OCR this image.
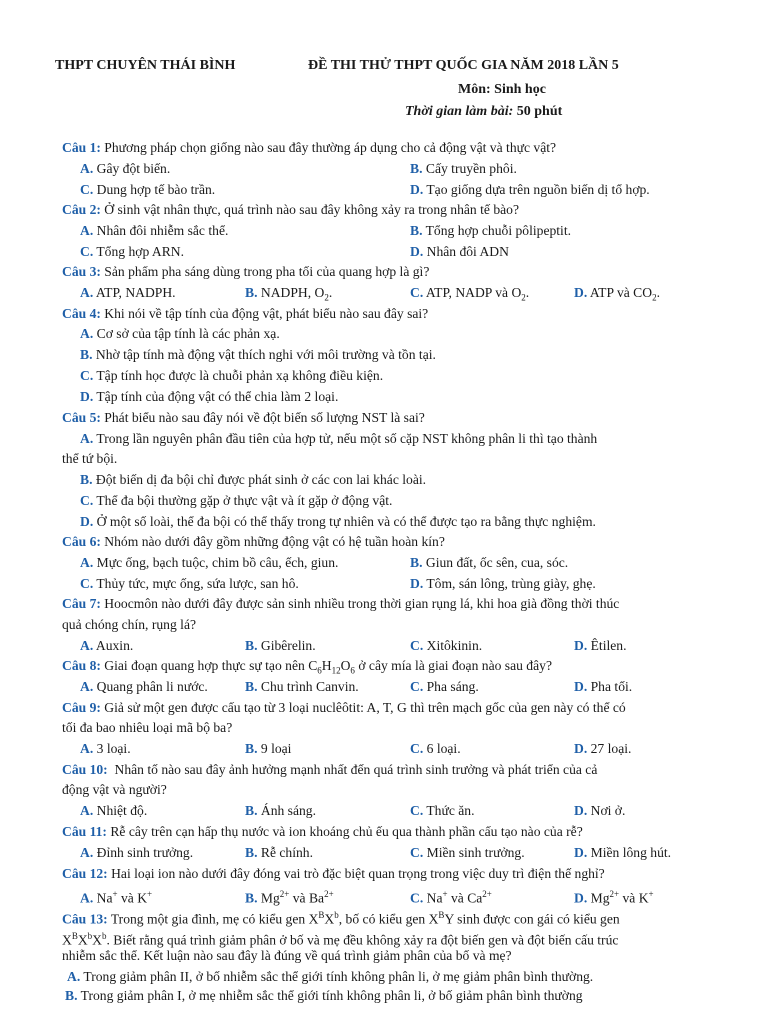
THPT CHUYÊN THÁI BÌNH	ĐỀ THI THỬ THPT QUỐC GIA NĂM 2018 LẦN 5
Môn: Sinh học
Thời gian làm bài: 50 phút
Câu 1: Phương pháp chọn giống nào sau đây thường áp dụng cho cả động vật và thực vật?
A. Gây đột biến.	B. Cấy truyền phôi.
C. Dung hợp tế bào trần.	D. Tạo giống dựa trên nguồn biến dị tổ hợp.
Câu 2: Ở sinh vật nhân thực, quá trình nào sau đây không xảy ra trong nhân tế bào?
A. Nhân đôi nhiễm sắc thể.	B. Tổng hợp chuỗi pôlipeptit.
C. Tổng hợp ARN.	D. Nhân đôi ADN
Câu 3: Sản phẩm pha sáng dùng trong pha tối của quang hợp là gì?
A. ATP, NADPH.	B. NADPH, $O_2$.	C. ATP, NADP và $O_2$.	D. ATP và $CO_2$.
Câu 4: Khi nói về tập tính của động vật, phát biểu nào sau đây sai?
A. Cơ sở của tập tính là các phản xạ.
B. Nhờ tập tính mà động vật thích nghi với môi trường và tồn tại.
C. Tập tính học được là chuỗi phản xạ không điều kiện.
D. Tập tính của động vật có thể chia làm 2 loại.
Câu 5: Phát biểu nào sau đây nói về đột biến số lượng NST là sai?
A. Trong lần nguyên phân đầu tiên của hợp tử, nếu một số cặp NST không phân li thì tạo thành
thể tứ bội.
B. Đột biến dị đa bội chỉ được phát sinh ở các con lai khác loài.
C. Thể đa bội thường gặp ở thực vật và ít gặp ở động vật.
D. Ở một số loài, thể đa bội có thể thấy trong tự nhiên và có thể được tạo ra bằng thực nghiệm.
Câu 6: Nhóm nào dưới đây gồm những động vật có hệ tuần hoàn kín?
A. Mực ống, bạch tuộc, chim bồ câu, ếch, giun.	B. Giun đất, ốc sên, cua, sóc.
C. Thủy tức, mực ống, sứa lược, san hô.	D. Tôm, sán lông, trùng giày, ghẹ.
Câu 7: Hoocmôn nào dưới đây được sản sinh nhiều trong thời gian rụng lá, khi hoa già đồng thời thúc
quả chóng chín, rụng lá?
A. Auxin.	B. Gibêrelin.	C. Xitôkinin.	D. Êtilen.
Câu 8: Giai đoạn quang hợp thực sự tạo nên $C_6H_{12}O_6$ ở cây mía là giai đoạn nào sau đây?
A. Quang phân li nước.	B. Chu trình Canvin.	C. Pha sáng.	D. Pha tối.
Câu 9: Giả sử một gen được cấu tạo từ 3 loại nuclêôtit: A, T, G thì trên mạch gốc của gen này có thể có
tối đa bao nhiêu loại mã bộ ba?
A. 3 loại.	B. 9 loại	C. 6 loại.	D. 27 loại.
Câu 10:  Nhân tố nào sau đây ảnh hưởng mạnh nhất đến quá trình sinh trưởng và phát triển của cả
động vật và người?
A. Nhiệt độ.	B. Ánh sáng.	C. Thức ăn.	D. Nơi ở.
Câu 11: Rễ cây trên cạn hấp thụ nước và ion khoáng chủ ếu qua thành phần cấu tạo nào của rễ?
A. Đỉnh sinh trưởng.	B. Rễ chính.	C. Miền sinh trưởng.	D. Miền lông hút.
Câu 12: Hai loại ion nào dưới đây đóng vai trò đặc biệt quan trọng trong việc duy trì điện thế nghỉ?
A. Na+ và K+	B. $Mg^{2+}$ và $Ba^{2+}$	C. Na+ và $Ca^{2+}$	D. $Mg^{2+}$ và K+
Câu 13: Trong một gia đình, mẹ có kiểu gen $X^BX^b$, bố có kiểu gen $X^BY$ sinh được con gái có kiểu gen
$X^BX^bX^b$. Biết rằng quá trình giảm phân ở bố và mẹ đều không xảy ra đột biến gen và đột biến cấu trúc
nhiễm sắc thể. Kết luận nào sau đây là đúng về quá trình giảm phân của bố và mẹ?
A. Trong giảm phân II, ở bố nhiễm sắc thể giới tính không phân li, ở mẹ giảm phân bình thường.
B. Trong giảm phân I, ở mẹ nhiễm sắc thể giới tính không phân li, ở bố giảm phân bình thường
